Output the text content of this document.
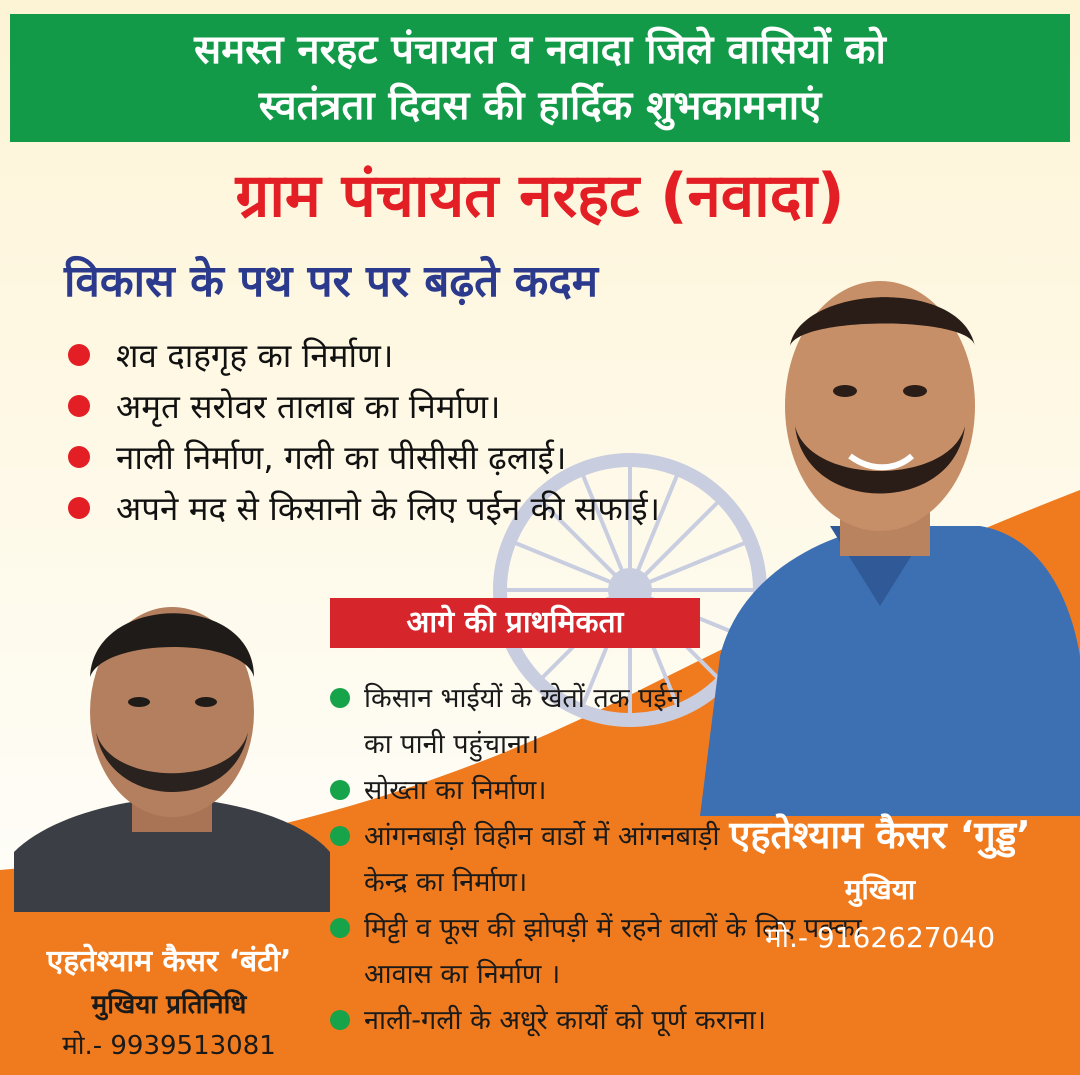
समस्त नरहट पंचायत व नवादा जिले वासियों को
स्वतंत्रता दिवस की हार्दिक शुभकामनाएं
ग्राम पंचायत नरहट (नवादा)
विकास के पथ पर पर बढ़ते कदम
शव दाहगृह का निर्माण।
अमृत सरोवर तालाब का निर्माण।
नाली निर्माण, गली का पीसीसी ढ़लाई।
अपने मद से किसानो के लिए पईन की सफाई।
आगे की प्राथमिकता
किसान भाईयों के खेतों तक पईन का पानी पहुंचाना।
सोख्ता का निर्माण।
आंगनबाड़ी विहीन वार्डो में आंगनबाड़ी केन्द्र का निर्माण।
मिट्टी व फूस की झोपड़ी में रहने वालों के लिए पक्का आवास का निर्माण ।
नाली-गली के अधूरे कार्यों को पूर्ण कराना।
एहतेश्याम कैसर ‘गुड्ड’
मुखिया
मो.- 9162627040
एहतेश्याम कैसर ‘बंटी’
मुखिया प्रतिनिधि
मो.- 9939513081
